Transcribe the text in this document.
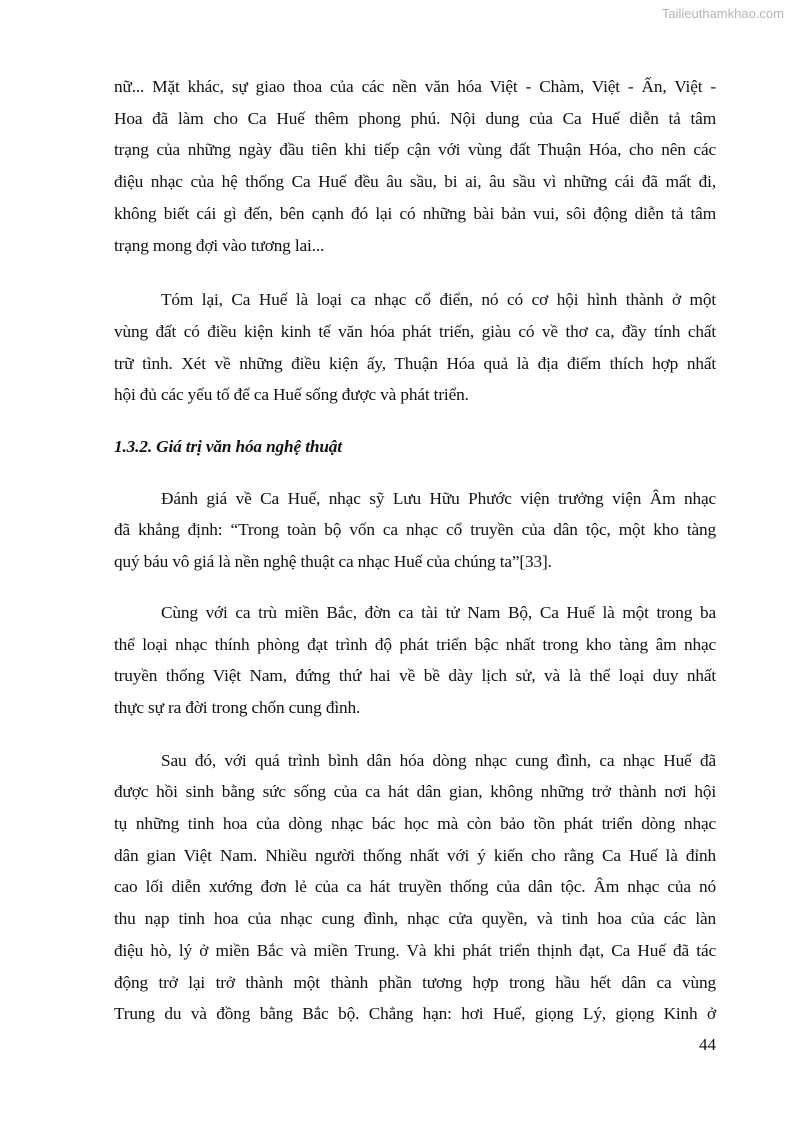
Tailieuthamkhao.com

nữ... Mặt khác, sự giao thoa của các nền văn hóa Việt - Chàm, Việt - Ấn, Việt -
Hoa đã làm cho Ca Huế thêm phong phú. Nội dung của Ca Huế diễn tả tâm
trạng của những ngày đầu tiên khi tiếp cận với vùng đất Thuận Hóa, cho nên các
điệu nhạc của hệ thống Ca Huế đều âu sầu, bi ai, âu sầu vì những cái đã mất đi,
không biết cái gì đến, bên cạnh đó lại có những bài bản vui, sôi động diễn tả tâm
trạng mong đợi vào tương lai...

Tóm lại, Ca Huế là loại ca nhạc cổ điển, nó có cơ hội hình thành ở một
vùng đất có điều kiện kinh tế văn hóa phát triển, giàu có về thơ ca, đầy tính chất
trữ tình. Xét về những điều kiện ấy, Thuận Hóa quả là địa điểm thích hợp nhất
hội đủ các yếu tố để ca Huế sống được và phát triển.

1.3.2. Giá trị văn hóa nghệ thuật

Đánh giá về Ca Huế, nhạc sỹ Lưu Hữu Phước viện trưởng viện Âm nhạc
đã khẳng định: “Trong toàn bộ vốn ca nhạc cổ truyền của dân tộc, một kho tàng
quý báu vô giá là nền nghệ thuật ca nhạc Huế của chúng ta”[33].

Cùng với ca trù miền Bắc, đờn ca tài tử Nam Bộ, Ca Huế là một trong ba
thể loại nhạc thính phòng đạt trình độ phát triển bậc nhất trong kho tàng âm nhạc
truyền thống Việt Nam, đứng thứ hai về bề dày lịch sử, và là thể loại duy nhất
thực sự ra đời trong chốn cung đình.

Sau đó, với quá trình bình dân hóa dòng nhạc cung đình, ca nhạc Huế đã
được hồi sinh bằng sức sống của ca hát dân gian, không những trở thành nơi hội
tụ những tinh hoa của dòng nhạc bác học mà còn bảo tồn phát triển dòng nhạc
dân gian Việt Nam. Nhiều người thống nhất với ý kiến cho rằng Ca Huế là đỉnh
cao lối diễn xướng đơn lẻ của ca hát truyền thống của dân tộc. Âm nhạc của nó
thu nạp tinh hoa của nhạc cung đình, nhạc cửa quyền, và tinh hoa của các làn
điệu hò, lý ở miền Bắc và miền Trung. Và khi phát triển thịnh đạt, Ca Huế đã tác
động trở lại trở thành một thành phần tương hợp trong hầu hết dân ca vùng
Trung du và đồng bằng Bắc bộ. Chẳng hạn: hơi Huế, giọng Lý, giọng Kinh ở

44
